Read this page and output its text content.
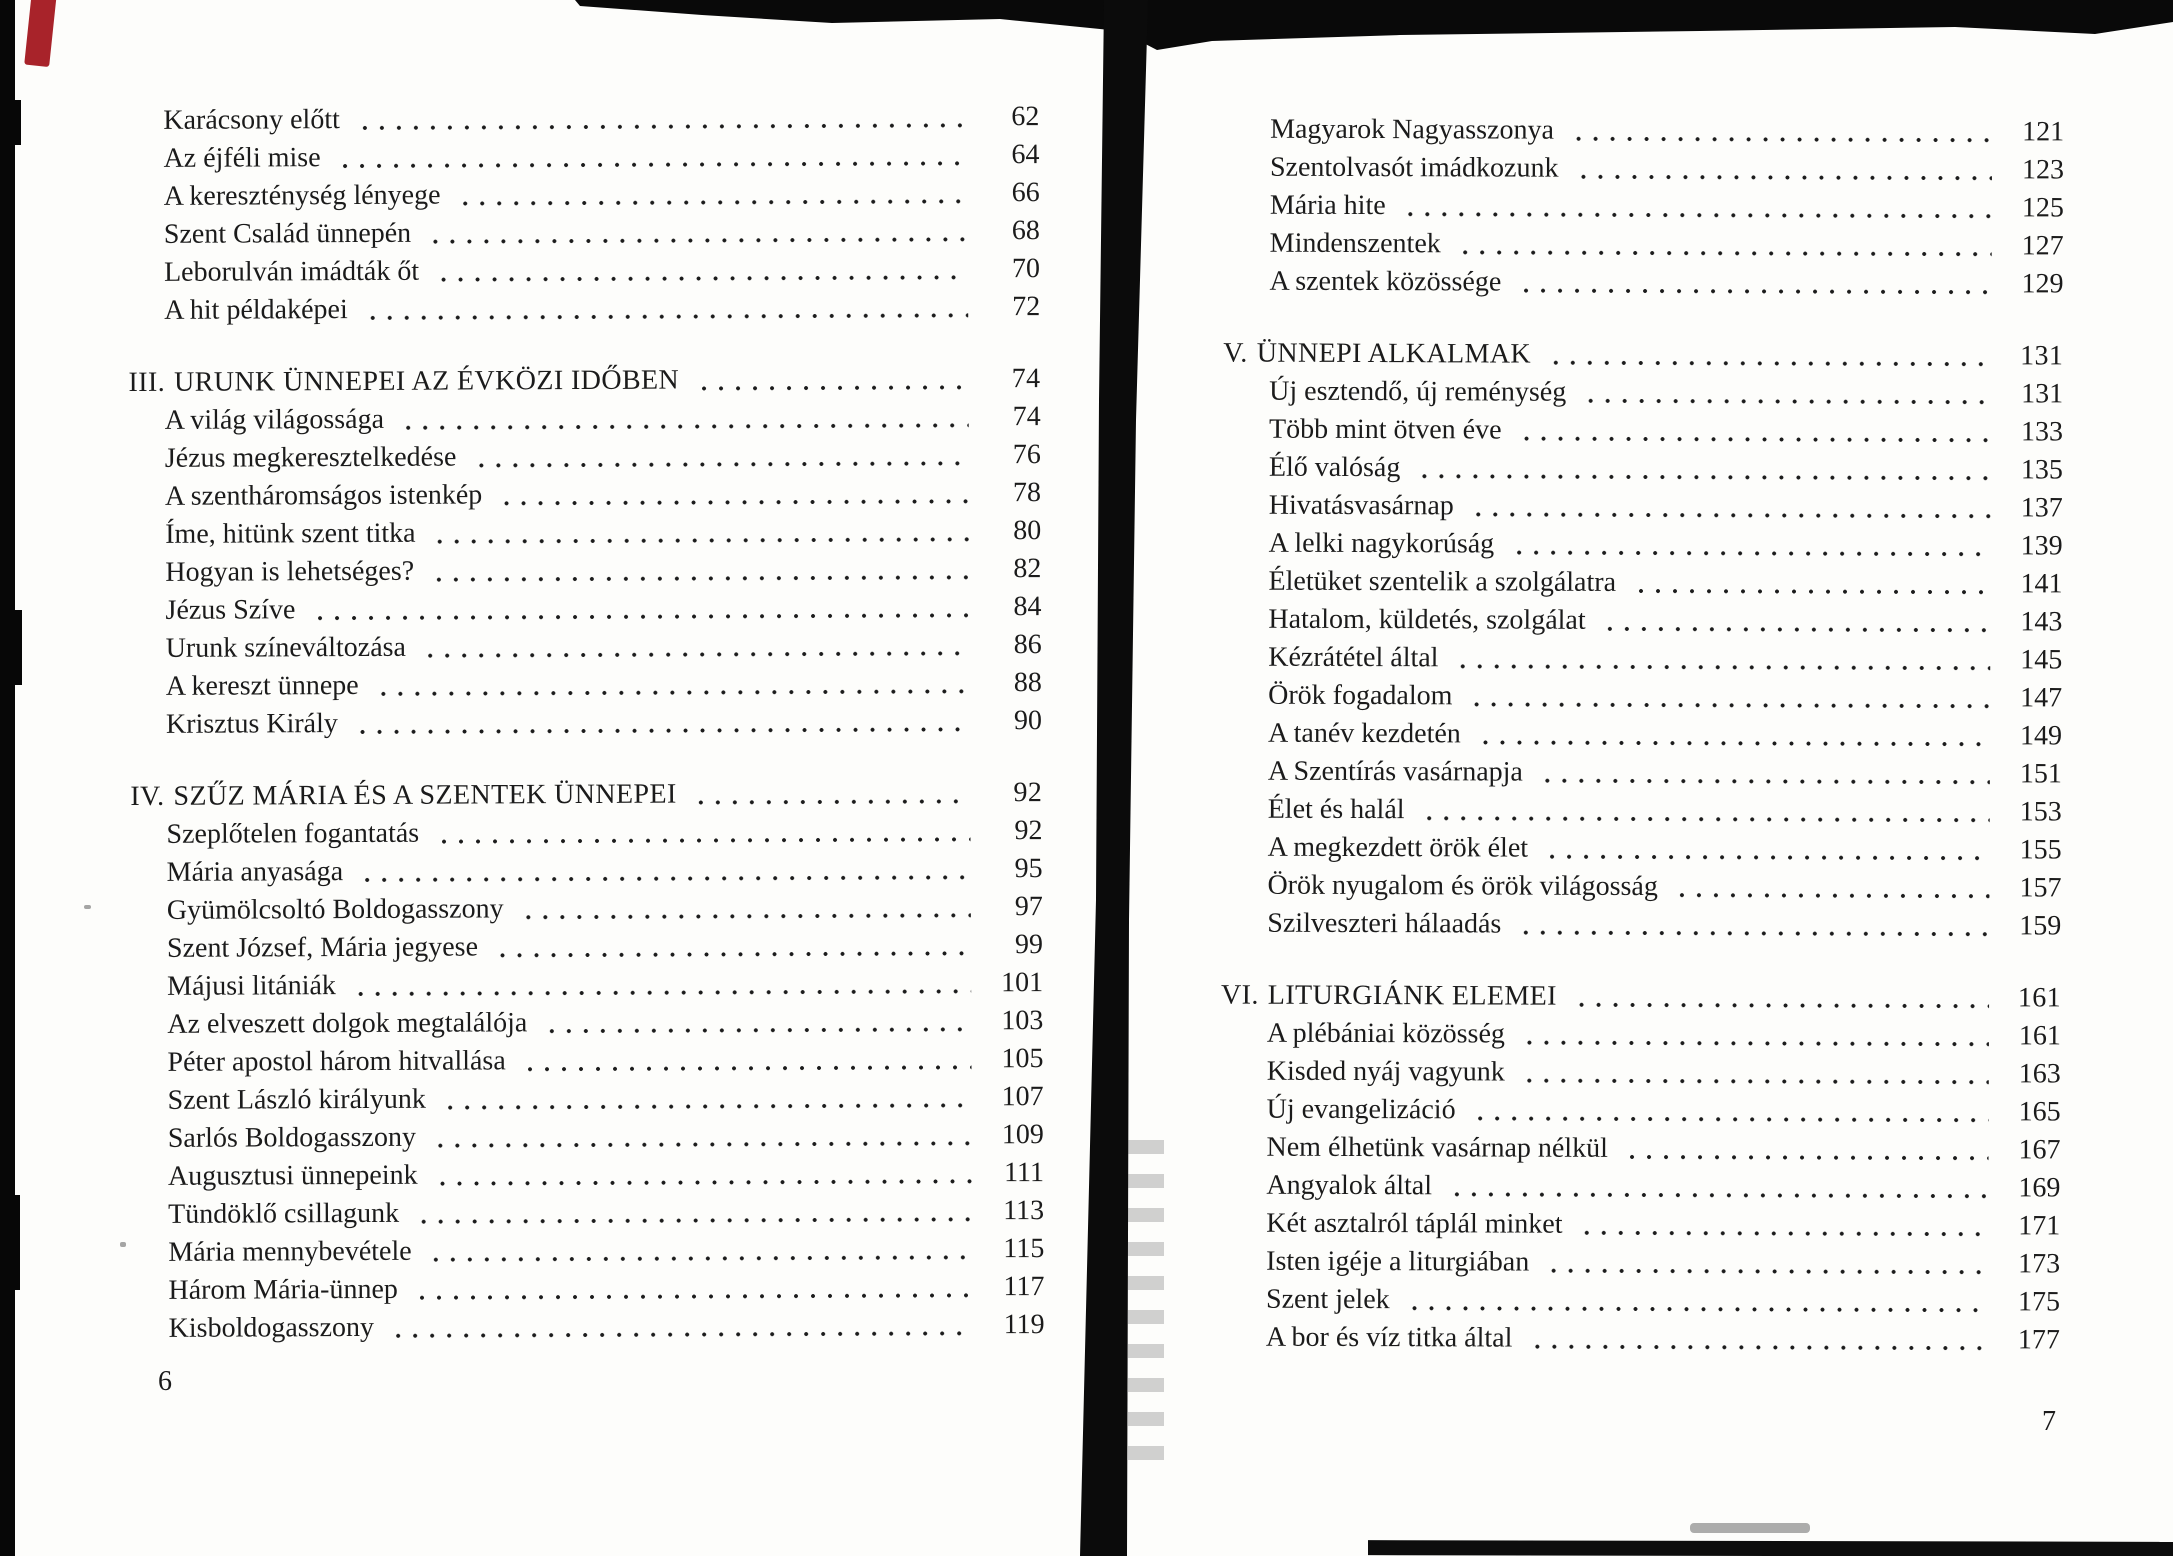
Karácsony előtt	62
Az éjféli mise	64
A kereszténység lényege	66
Szent Család ünnepén	68
Leborulván imádták őt	70
A hit példaképei	72
III. URUNK ÜNNEPEI AZ ÉVKÖZI IDŐBEN	74
A világ világossága	74
Jézus megkeresztelkedése	76
A szentháromságos istenkép	78
Íme, hitünk szent titka	80
Hogyan is lehetséges?	82
Jézus Szíve	84
Urunk színeváltozása	86
A kereszt ünnepe	88
Krisztus Király	90
IV. SZŰZ MÁRIA ÉS A SZENTEK ÜNNEPEI	92
Szeplőtelen fogantatás	92
Mária anyasága	95
Gyümölcsoltó Boldogasszony	97
Szent József, Mária jegyese	99
Májusi litániák	101
Az elveszett dolgok megtalálója	103
Péter apostol három hitvallása	105
Szent László királyunk	107
Sarlós Boldogasszony	109
Augusztusi ünnepeink	111
Tündöklő csillagunk	113
Mária mennybevétele	115
Három Mária-ünnep	117
Kisboldogasszony	119
6
Magyarok Nagyasszonya	121
Szentolvasót imádkozunk	123
Mária hite	125
Mindenszentek	127
A szentek közössége	129
V. ÜNNEPI ALKALMAK	131
Új esztendő, új reménység	131
Több mint ötven éve	133
Élő valóság	135
Hivatásvasárnap	137
A lelki nagykorúság	139
Életüket szentelik a szolgálatra	141
Hatalom, küldetés, szolgálat	143
Kézrátétel által	145
Örök fogadalom	147
A tanév kezdetén	149
A Szentírás vasárnapja	151
Élet és halál	153
A megkezdett örök élet	155
Örök nyugalom és örök világosság	157
Szilveszteri hálaadás	159
VI. LITURGIÁNK ELEMEI	161
A plébániai közösség	161
Kisded nyáj vagyunk	163
Új evangelizáció	165
Nem élhetünk vasárnap nélkül	167
Angyalok által	169
Két asztalról táplál minket	171
Isten igéje a liturgiában	173
Szent jelek	175
A bor és víz titka által	177
7
